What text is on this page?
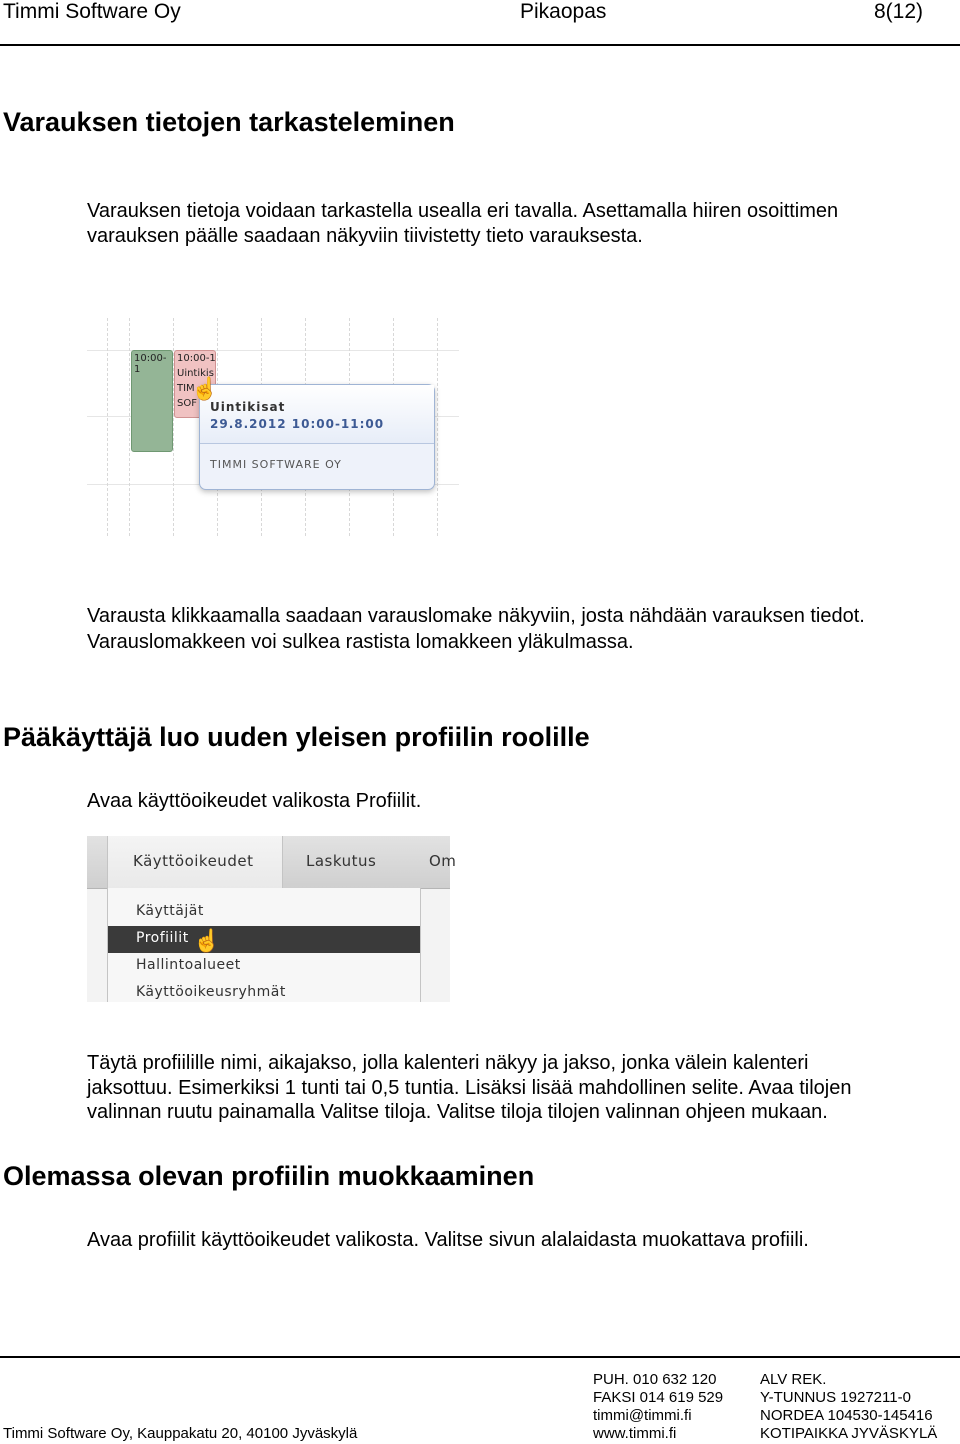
Timmi Software Oy	Pikaopas	8(12)
Varauksen tietojen tarkasteleminen

Varauksen tietoja voidaan tarkastella usealla eri tavalla. Asettamalla hiiren osoittimen

varauksen päälle saadaan näkyviin tiivistetty tieto varauksesta.

10:00-1
10:00-1
Uintikis
TIM
SOF Uintikisat
29.8.2012 10:00-11:00
TIMMI SOFTWARE OY
☝

Varausta klikkaamalla saadaan varauslomake näkyviin, josta nähdään varauksen tiedot.

Varauslomakkeen voi sulkea rastista lomakkeen yläkulmassa.

Pääkäyttäjä luo uuden yleisen profiilin roolille

Avaa käyttöoikeudet valikosta Profiilit.

Käyttöoikeudet	Laskutus	Om
Käyttäjät
Profiilit
Hallintoalueet
Käyttöoikeusryhmät
☝

Täytä profiilille nimi, aikajakso, jolla kalenteri näkyy ja jakso, jonka välein kalenteri

jaksottuu. Esimerkiksi 1 tunti tai 0,5 tuntia. Lisäksi lisää mahdollinen selite. Avaa tilojen

valinnan ruutu painamalla Valitse tiloja. Valitse tiloja tilojen valinnan ohjeen mukaan.

Olemassa olevan profiilin muokkaaminen

Avaa profiilit käyttöoikeudet valikosta. Valitse sivun alalaidasta muokattava profiili.

Timmi Software Oy, Kauppakatu 20, 40100 Jyväskylä
PUH. 010 632 120
FAKSI 014 619 529
timmi@timmi.fi
www.timmi.fi
ALV REK.
Y-TUNNUS 1927211-0
NORDEA 104530-145416
KOTIPAIKKA JYVÄSKYLÄ
